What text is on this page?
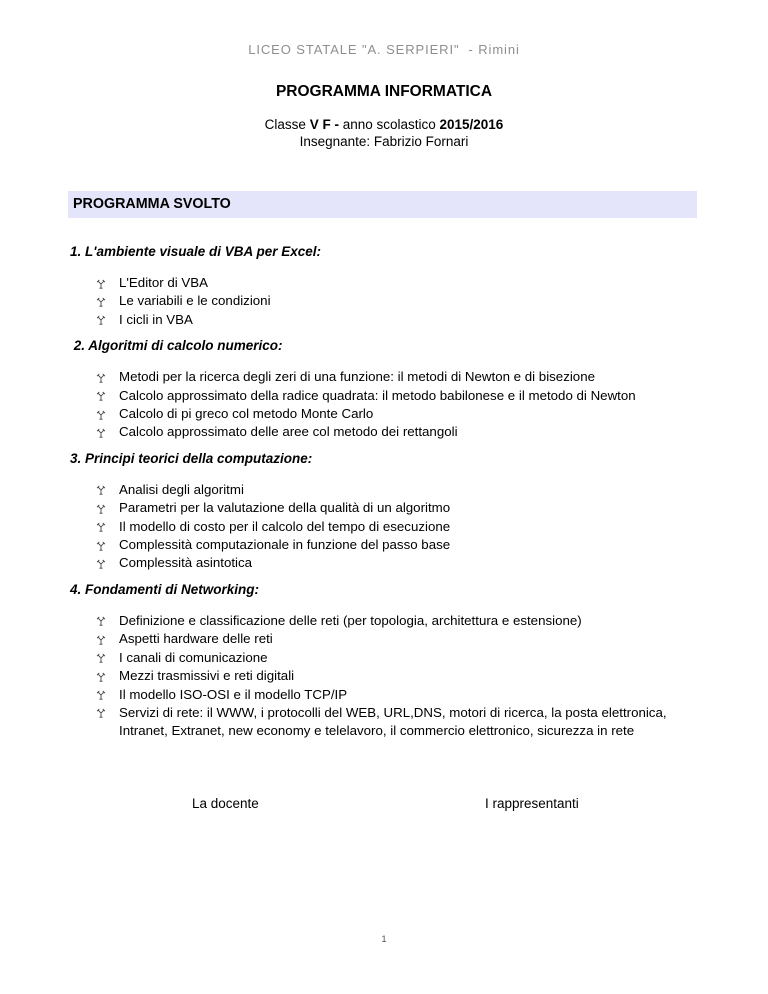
LICEO STATALE "A. SERPIERI"  - Rimini
PROGRAMMA INFORMATICA
Classe V F - anno scolastico 2015/2016
Insegnante: Fabrizio Fornari
PROGRAMMA SVOLTO
1. L'ambiente visuale di VBA per Excel:
L'Editor di VBA
Le variabili e le condizioni
I cicli in VBA
2. Algoritmi di calcolo numerico:
Metodi per la ricerca degli zeri di una funzione: il metodi di Newton e di bisezione
Calcolo approssimato della radice quadrata: il metodo babilonese e il metodo di Newton
Calcolo di pi greco col metodo Monte Carlo
Calcolo approssimato delle aree col metodo dei rettangoli
3. Principi teorici della computazione:
Analisi degli algoritmi
Parametri per la valutazione della qualità di un algoritmo
Il modello di costo per il calcolo del tempo di esecuzione
Complessità computazionale in funzione del passo base
Complessità asintotica
4. Fondamenti di Networking:
Definizione e classificazione delle reti (per topologia, architettura e estensione)
Aspetti hardware delle reti
I canali di comunicazione
Mezzi trasmissivi e reti digitali
Il modello ISO-OSI e il modello TCP/IP
Servizi di rete: il WWW, i protocolli del WEB, URL,DNS, motori di ricerca, la posta elettronica, Intranet, Extranet, new economy e telelavoro, il commercio elettronico, sicurezza in rete
La docente	I rappresentanti
1
